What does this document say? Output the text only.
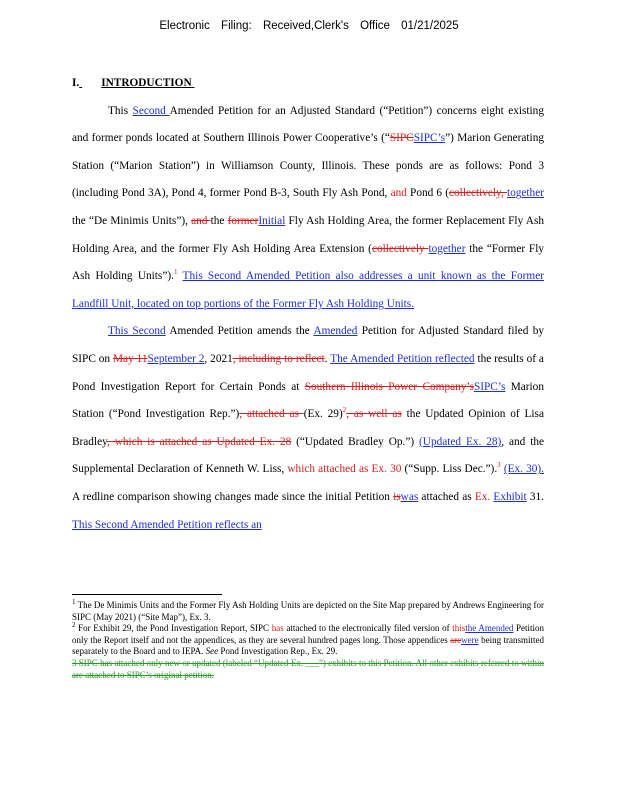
Electronic Filing: Received,Clerk's Office 01/21/2025
I. INTRODUCTION

This Second Amended Petition for an Adjusted Standard (“Petition”) concerns eight existing and former ponds located at Southern Illinois Power Cooperative’s (“SIPCSIPC’s”) Marion Generating Station (“Marion Station”) in Williamson County, Illinois. These ponds are as follows: Pond 3 (including Pond 3A), Pond 4, former Pond B-3, South Fly Ash Pond, and Pond 6 (collectively, together the “De Minimis Units”), and the formerInitial Fly Ash Holding Area, the former Replacement Fly Ash Holding Area, and the former Fly Ash Holding Area Extension (collectively together the “Former Fly Ash Holding Units”).$^1$ This Second Amended Petition also addresses a unit known as the Former Landfill Unit, located on top portions of the Former Fly Ash Holding Units.

This Second Amended Petition amends the Amended Petition for Adjusted Standard filed by SIPC on May 11September 2, 2021, including to reflect. The Amended Petition reflected the results of a Pond Investigation Report for Certain Ponds at Southern Illinois Power Company’sSIPC’s Marion Station (“Pond Investigation Rep.”), attached as (Ex. 29)$^2$, as well as the Updated Opinion of Lisa Bradley, which is attached as Updated Ex. 28 (“Updated Bradley Op.”) (Updated Ex. 28), and the Supplemental Declaration of Kenneth W. Liss, which attached as Ex. 30 (“Supp. Liss Dec.”).$^3$ (Ex. 30). A redline comparison showing changes made since the initial Petition iswas attached as Ex. Exhibit 31. This Second Amended Petition reflects an

$^1$ The De Minimis Units and the Former Fly Ash Holding Units are depicted on the Site Map prepared by Andrews Engineering for SIPC (May 2021) (“Site Map”), Ex. 3.

$^2$ For Exhibit 29, the Pond Investigation Report, SIPC has attached to the electronically filed version of thisthe Amended Petition only the Report itself and not the appendices, as they are several hundred pages long. Those appendices arewere being transmitted separately to the Board and to IEPA. See Pond Investigation Rep., Ex. 29.

3 SIPC has attached only new or updated (labeled “Updated Ex. ___”) exhibits to this Petition. All other exhibits referred to within are attached to SIPC’s original petition.
